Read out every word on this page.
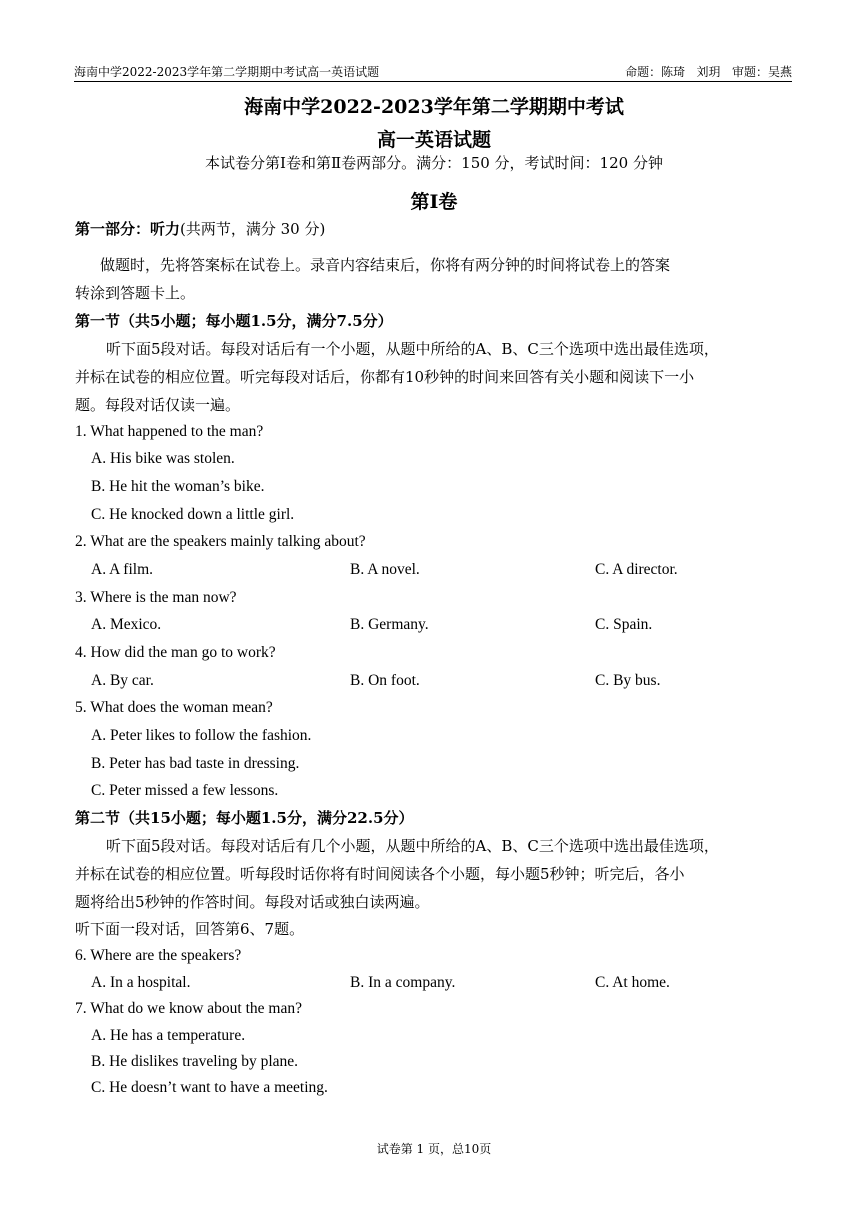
海南中学2022-2023学年第二学期期中考试高一英语试题	命题：陈琦   刘玥   审题：吴燕
海南中学2022-2023学年第二学期期中考试
高一英语试题
本试卷分第Ⅰ卷和第Ⅱ卷两部分。满分：150 分，考试时间：120 分钟
第Ⅰ卷
第一部分：听力(共两节，满分 30 分)
做题时，先将答案标在试卷上。录音内容结束后，你将有两分钟的时间将试卷上的答案
转涂到答题卡上。
第一节（共5小题；每小题1.5分，满分7.5分）
听下面5段对话。每段对话后有一个小题，从题中所给的A、B、C三个选项中选出最佳选项，
并标在试卷的相应位置。听完每段对话后，你都有10秒钟的时间来回答有关小题和阅读下一小
题。每段对话仅读一遍。
1. What happened to the man?
A. His bike was stolen.
B. He hit the woman’s bike.
C. He knocked down a little girl.
2. What are the speakers mainly talking about?
A. A film.	B. A novel.	C. A director.
3. Where is the man now?
A. Mexico.	B. Germany.	C. Spain.
4. How did the man go to work?
A. By car.	B. On foot.	C. By bus.
5. What does the woman mean?
A. Peter likes to follow the fashion.
B. Peter has bad taste in dressing.
C. Peter missed a few lessons.
第二节（共15小题；每小题1.5分，满分22.5分）
听下面5段对话。每段对话后有几个小题，从题中所给的A、B、C三个选项中选出最佳选项，
并标在试卷的相应位置。听每段时话你将有时间阅读各个小题，每小题5秒钟；听完后，各小
题将给出5秒钟的作答时间。每段对话或独白读两遍。
听下面一段对话，回答第6、7题。
6. Where are the speakers?
A. In a hospital.	B. In a company.	C. At home.
7. What do we know about the man?
A. He has a temperature.
B. He dislikes traveling by plane.
C. He doesn’t want to have a meeting.
试卷第 1 页，总10页
